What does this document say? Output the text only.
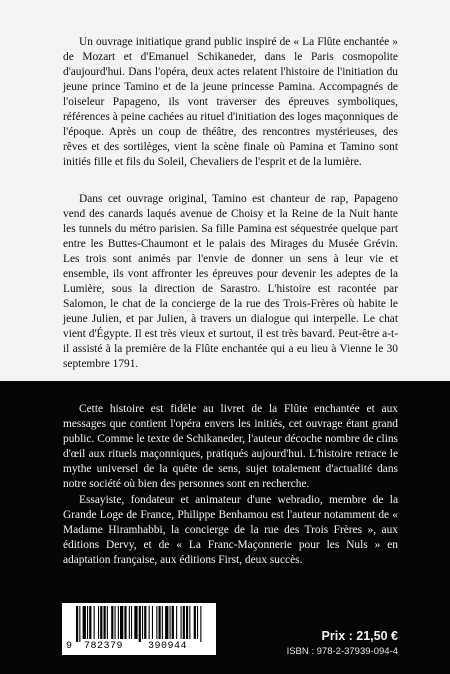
Un ouvrage initiatique grand public inspiré de « La Flûte enchantée » de Mozart et d'Emanuel Schikaneder, dans le Paris cosmopolite d'aujourd'hui. Dans l'opéra, deux actes relatent l'histoire de l'initiation du jeune prince Tamino et de la jeune princesse Pamina. Accompagnés de l'oiseleur Papageno, ils vont traverser des épreuves symboliques, références à peine cachées au rituel d'initiation des loges maçonniques de l'époque. Après un coup de théâtre, des rencontres mystérieuses, des rêves et des sortilèges, vient la scène finale où Pamina et Tamino sont initiés fille et fils du Soleil, Chevaliers de l'esprit et de la lumière.

Dans cet ouvrage original, Tamino est chanteur de rap, Papageno vend des canards laqués avenue de Choisy et la Reine de la Nuit hante les tunnels du métro parisien. Sa fille Pamina est séquestrée quelque part entre les Buttes-Chaumont et le palais des Mirages du Musée Grévin. Les trois sont animés par l'envie de donner un sens à leur vie et ensemble, ils vont affronter les épreuves pour devenir les adeptes de la Lumière, sous la direction de Sarastro. L'histoire est racontée par Salomon, le chat de la concierge de la rue des Trois-Frères où habite le jeune Julien, et par Julien, à travers un dialogue qui interpelle. Le chat vient d'Égypte. Il est très vieux et surtout, il est très bavard. Peut-être a-t-il assisté à la première de la Flûte enchantée qui a eu lieu à Vienne le 30 septembre 1791.

Cette histoire est fidèle au livret de la Flûte enchantée et aux messages que contient l'opéra envers les initiés, cet ouvrage étant grand public. Comme le texte de Schikaneder, l'auteur décoche nombre de clins d'œil aux rituels maçonniques, pratiqués aujourd'hui. L'histoire retrace le mythe universel de la quête de sens, sujet totalement d'actualité dans notre société où bien des personnes sont en recherche.

Essayiste, fondateur et animateur d'une webradio, membre de la Grande Loge de France, Philippe Benhamou est l'auteur notamment de « Madame Hiramhabbi, la concierge de la rue des Trois Frères », aux éditions Dervy, et de « La Franc-Maçonnerie pour les Nuls » en adaptation française, aux éditions First, deux succès.

9 782379 390944
Prix : 21,50 €
ISBN : 978-2-37939-094-4
